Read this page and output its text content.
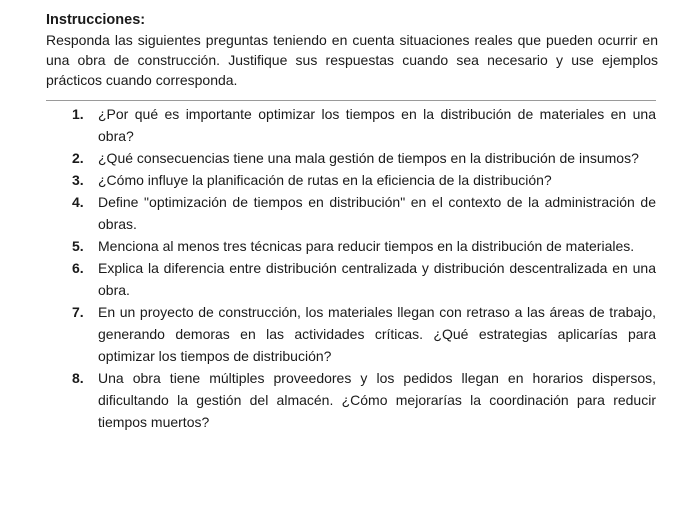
Instrucciones:

Responda las siguientes preguntas teniendo en cuenta situaciones reales que pueden ocurrir en una obra de construcción. Justifique sus respuestas cuando sea necesario y use ejemplos prácticos cuando corresponda.

1.	¿Por qué es importante optimizar los tiempos en la distribución de materiales en una obra?
2.	¿Qué consecuencias tiene una mala gestión de tiempos en la distribución de insumos?
3.	¿Cómo influye la planificación de rutas en la eficiencia de la distribución?
4.	Define "optimización de tiempos en distribución" en el contexto de la administración de obras.
5.	Menciona al menos tres técnicas para reducir tiempos en la distribución de materiales.
6.	Explica la diferencia entre distribución centralizada y distribución descentralizada en una obra.
7.	En un proyecto de construcción, los materiales llegan con retraso a las áreas de trabajo, generando demoras en las actividades críticas. ¿Qué estrategias aplicarías para optimizar los tiempos de distribución?
8.	Una obra tiene múltiples proveedores y los pedidos llegan en horarios dispersos, dificultando la gestión del almacén. ¿Cómo mejorarías la coordinación para reducir tiempos muertos?
